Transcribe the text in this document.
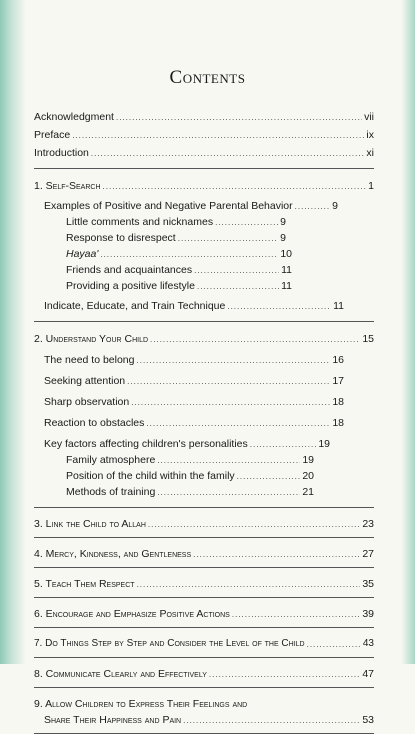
Contents
Acknowledgment .....	vii
Preface .....	ix
Introduction .....	xi
1. Self-Search .....	1
Examples of Positive and Negative Parental Behavior .....	9
Little comments and nicknames .....	9
Response to disrespect .....	9
Hayaa' .....	10
Friends and acquaintances .....	11
Providing a positive lifestyle .....	11
Indicate, Educate, and Train Technique .....	11
2. Understand Your Child .....	15
The need to belong .....	16
Seeking attention .....	17
Sharp observation .....	18
Reaction to obstacles .....	18
Key factors affecting children's personalities .....	19
Family atmosphere .....	19
Position of the child within the family .....	20
Methods of training .....	21
3. Link the Child to Allah .....	23
4. Mercy, Kindness, and Gentleness .....	27
5. Teach Them Respect .....	35
6. Encourage and Emphasize Positive Actions .....	39
7. Do Things Step by Step and Consider the Level of the Child .....	43
8. Communicate Clearly and Effectively .....	47
9. Allow Children to Express Their Feelings and
Share Their Happiness and Pain .....	53
